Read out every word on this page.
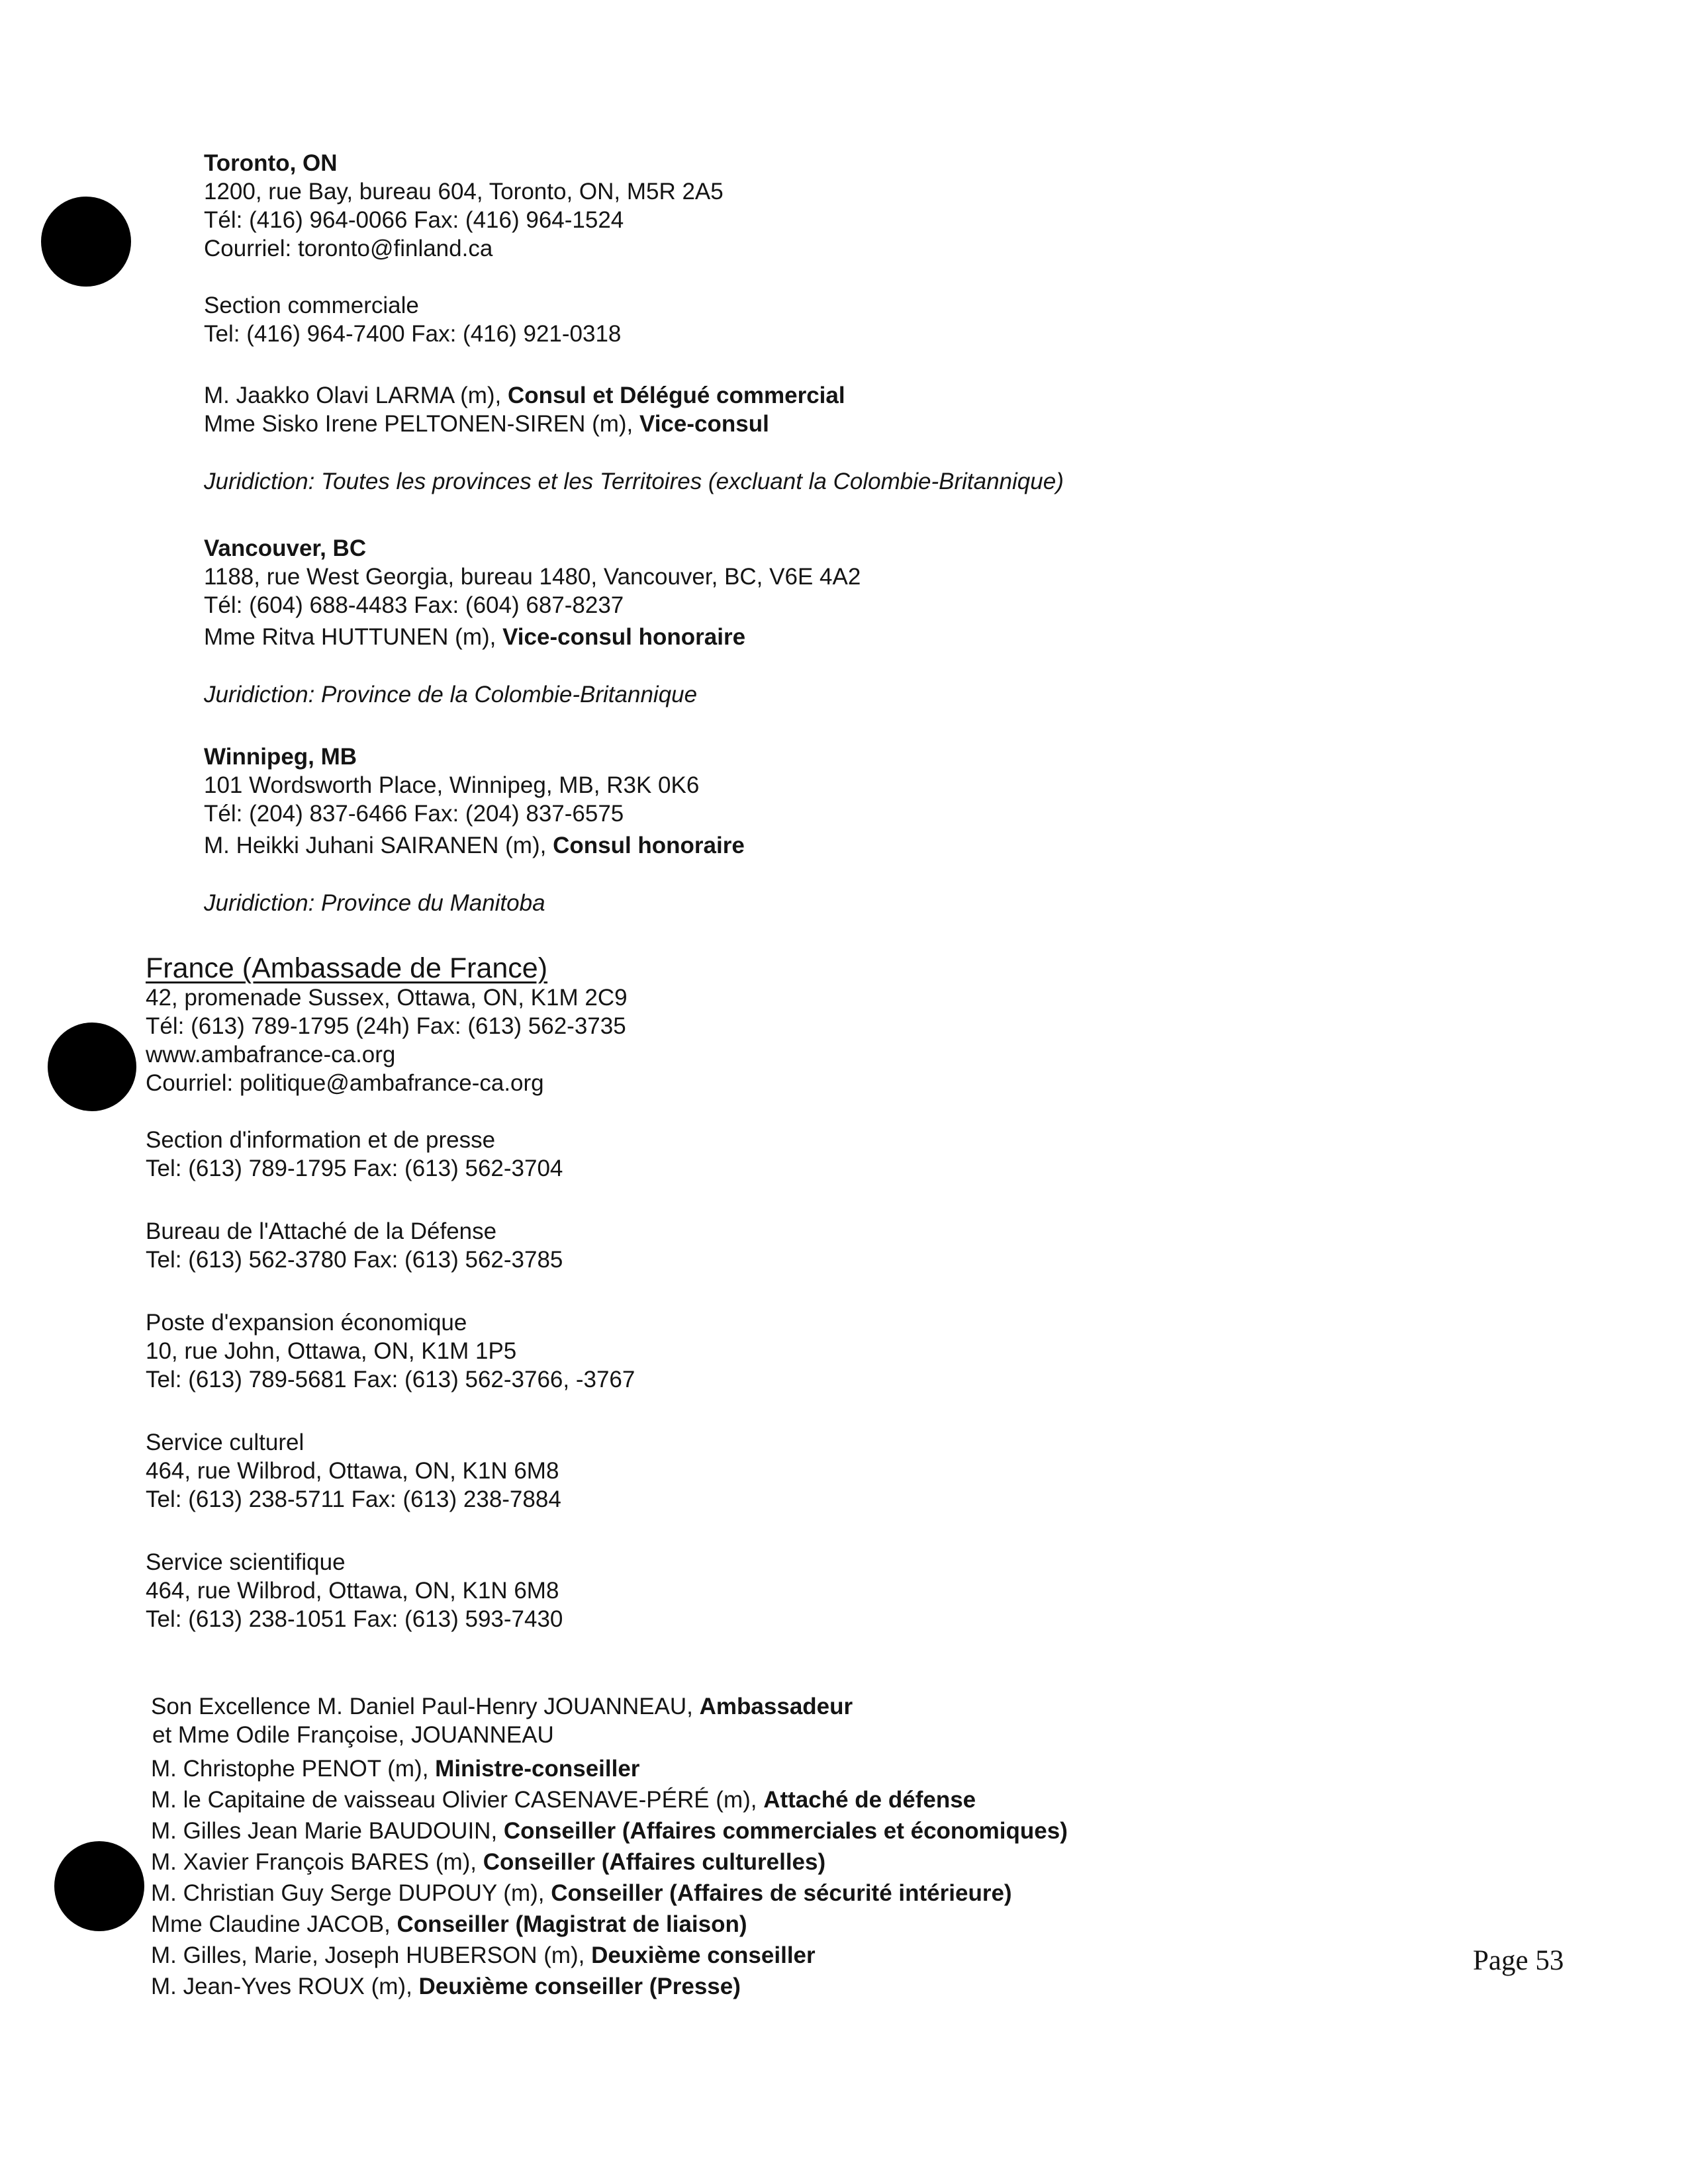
Toronto, ON
1200, rue Bay, bureau 604, Toronto, ON, M5R 2A5
Tél: (416) 964-0066 Fax: (416) 964-1524
Courriel: toronto@finland.ca
Section commerciale
Tel: (416) 964-7400 Fax: (416) 921-0318
M. Jaakko Olavi LARMA (m), Consul et Délégué commercial
Mme Sisko Irene PELTONEN-SIREN (m), Vice-consul
Juridiction: Toutes les provinces et les Territoires (excluant la Colombie-Britannique)
Vancouver, BC
1188, rue West Georgia, bureau 1480, Vancouver, BC, V6E 4A2
Tél: (604) 688-4483 Fax: (604) 687-8237
Mme Ritva HUTTUNEN (m), Vice-consul honoraire
Juridiction: Province de la Colombie-Britannique
Winnipeg, MB
101 Wordsworth Place, Winnipeg, MB, R3K 0K6
Tél: (204) 837-6466 Fax: (204) 837-6575
M. Heikki Juhani SAIRANEN (m), Consul honoraire
Juridiction: Province du Manitoba
France (Ambassade de France)
42, promenade Sussex, Ottawa, ON, K1M 2C9
Tél: (613) 789-1795 (24h) Fax: (613) 562-3735
www.ambafrance-ca.org
Courriel: politique@ambafrance-ca.org
Section d'information et de presse
Tel: (613) 789-1795 Fax: (613) 562-3704
Bureau de l'Attaché de la Défense
Tel: (613) 562-3780 Fax: (613) 562-3785
Poste d'expansion économique
10, rue John, Ottawa, ON, K1M 1P5
Tel: (613) 789-5681 Fax: (613) 562-3766, -3767
Service culturel
464, rue Wilbrod, Ottawa, ON, K1N 6M8
Tel: (613) 238-5711 Fax: (613) 238-7884
Service scientifique
464, rue Wilbrod, Ottawa, ON, K1N 6M8
Tel: (613) 238-1051 Fax: (613) 593-7430
Son Excellence M. Daniel Paul-Henry JOUANNEAU, Ambassadeur
et Mme Odile Françoise, JOUANNEAU
M. Christophe PENOT (m), Ministre-conseiller
M. le Capitaine de vaisseau Olivier CASENAVE-PÉRÉ (m), Attaché de défense
M. Gilles Jean Marie BAUDOUIN, Conseiller (Affaires commerciales et économiques)
M. Xavier François BARES (m), Conseiller (Affaires culturelles)
M. Christian Guy Serge DUPOUY (m), Conseiller (Affaires de sécurité intérieure)
Mme Claudine JACOB, Conseiller (Magistrat de liaison)
M. Gilles, Marie, Joseph HUBERSON (m), Deuxième conseiller
M. Jean-Yves ROUX (m), Deuxième conseiller (Presse)
Page 53
